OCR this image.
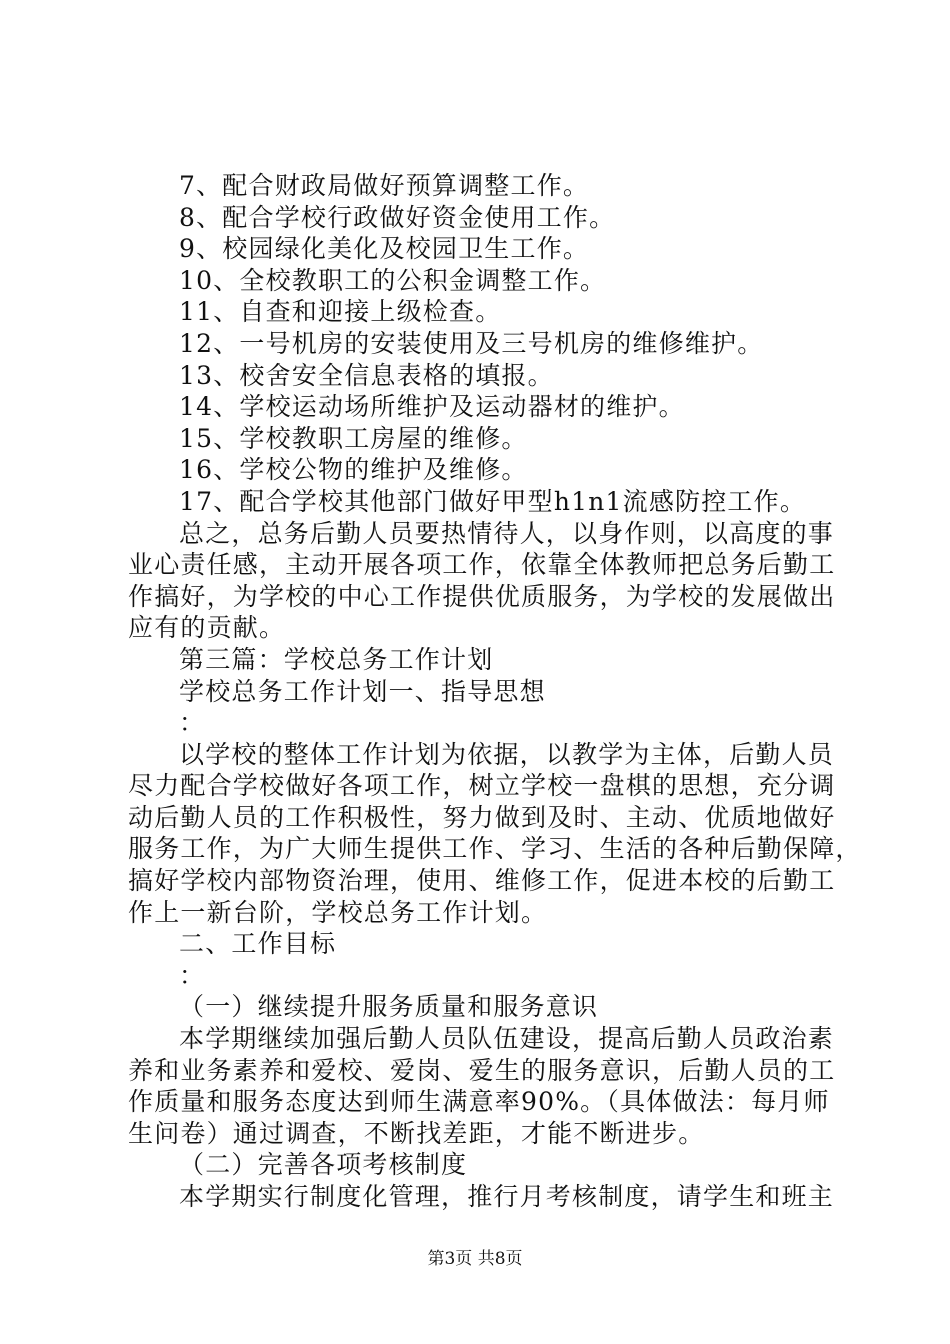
7、配合财政局做好预算调整工作。
8、配合学校行政做好资金使用工作。
9、校园绿化美化及校园卫生工作。
10、全校教职工的公积金调整工作。
11、自查和迎接上级检查。
12、一号机房的安装使用及三号机房的维修维护。
13、校舍安全信息表格的填报。
14、学校运动场所维护及运动器材的维护。
15、学校教职工房屋的维修。
16、学校公物的维护及维修。
17、配合学校其他部门做好甲型h1n1流感防控工作。
总之，总务后勤人员要热情待人，以身作则，以高度的事
业心责任感，主动开展各项工作，依靠全体教师把总务后勤工
作搞好，为学校的中心工作提供优质服务，为学校的发展做出
应有的贡献。
第三篇：学校总务工作计划
学校总务工作计划一、指导思想
：
以学校的整体工作计划为依据，以教学为主体，后勤人员
尽力配合学校做好各项工作，树立学校一盘棋的思想，充分调
动后勤人员的工作积极性，努力做到及时、主动、优质地做好
服务工作，为广大师生提供工作、学习、生活的各种后勤保障，
搞好学校内部物资治理，使用、维修工作，促进本校的后勤工
作上一新台阶，学校总务工作计划。
二、工作目标
：
（一）继续提升服务质量和服务意识
本学期继续加强后勤人员队伍建设，提高后勤人员政治素
养和业务素养和爱校、爱岗、爱生的服务意识，后勤人员的工
作质量和服务态度达到师生满意率90%。（具体做法：每月师
生问卷）通过调查，不断找差距，才能不断进步。
（二）完善各项考核制度
本学期实行制度化管理，推行月考核制度，请学生和班主
第3页 共8页
